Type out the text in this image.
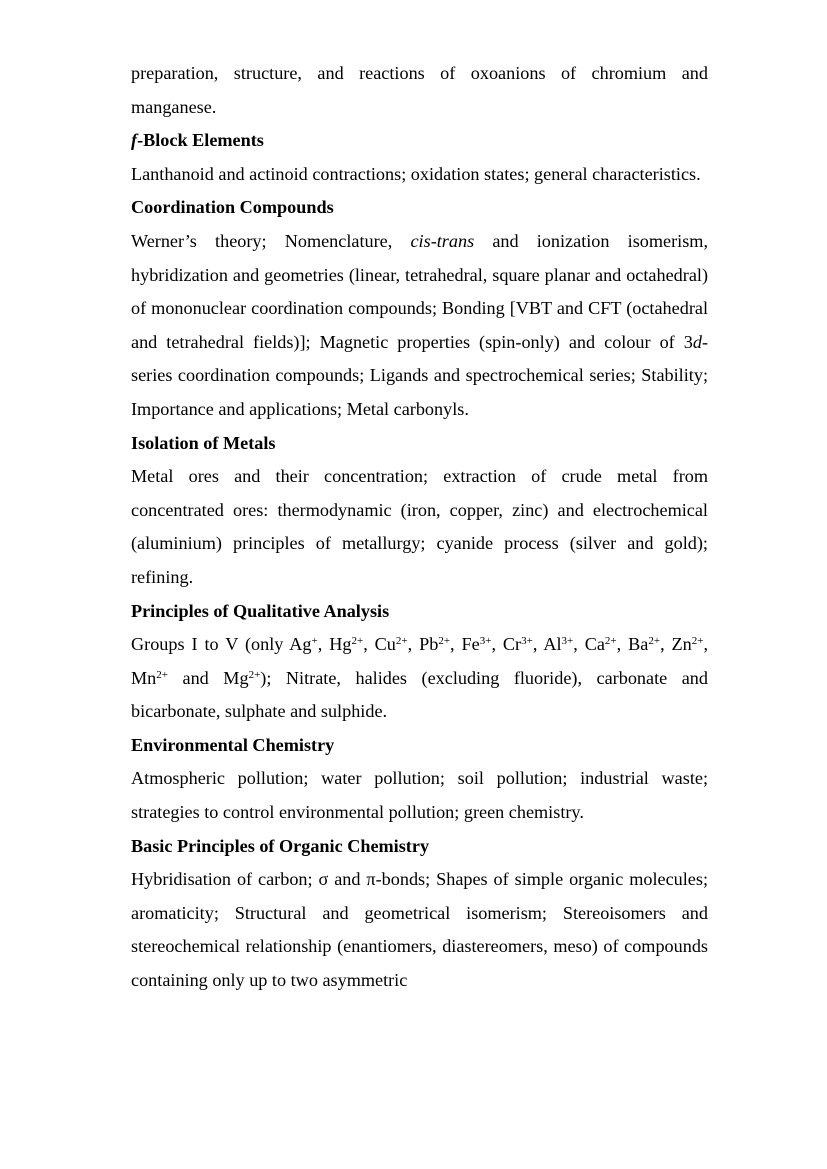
preparation, structure, and reactions of oxoanions of chromium and manganese.

f-Block Elements

Lanthanoid and actinoid contractions; oxidation states; general characteristics.

Coordination Compounds

Werner’s theory; Nomenclature, cis-trans and ionization isomerism, hybridization and geometries (linear, tetrahedral, square planar and octahedral) of mononuclear coordination compounds; Bonding [VBT and CFT (octahedral and tetrahedral fields)]; Magnetic properties (spin-only) and colour of 3d-series coordination compounds; Ligands and spectrochemical series; Stability; Importance and applications; Metal carbonyls.

Isolation of Metals

Metal ores and their concentration; extraction of crude metal from concentrated ores: thermodynamic (iron, copper, zinc) and electrochemical (aluminium) principles of metallurgy; cyanide process (silver and gold); refining.

Principles of Qualitative Analysis

Groups I to V (only Ag+, $Hg^{2+}$, $Cu^{2+}$, $Pb^{2+}$, $Fe^{3+}$, $Cr^{3+}$, $Al^{3+}$, $Ca^{2+}$, $Ba^{2+}$, $Zn^{2+}$, $Mn^{2+}$ and $Mg^{2+}$); Nitrate, halides (excluding fluoride), carbonate and bicarbonate, sulphate and sulphide.

Environmental Chemistry

Atmospheric pollution; water pollution; soil pollution; industrial waste; strategies to control environmental pollution; green chemistry.

Basic Principles of Organic Chemistry

Hybridisation of carbon; σ and π-bonds; Shapes of simple organic molecules; aromaticity; Structural and geometrical isomerism; Stereoisomers and stereochemical relationship (enantiomers, diastereomers, meso) of compounds containing only up to two asymmetric
